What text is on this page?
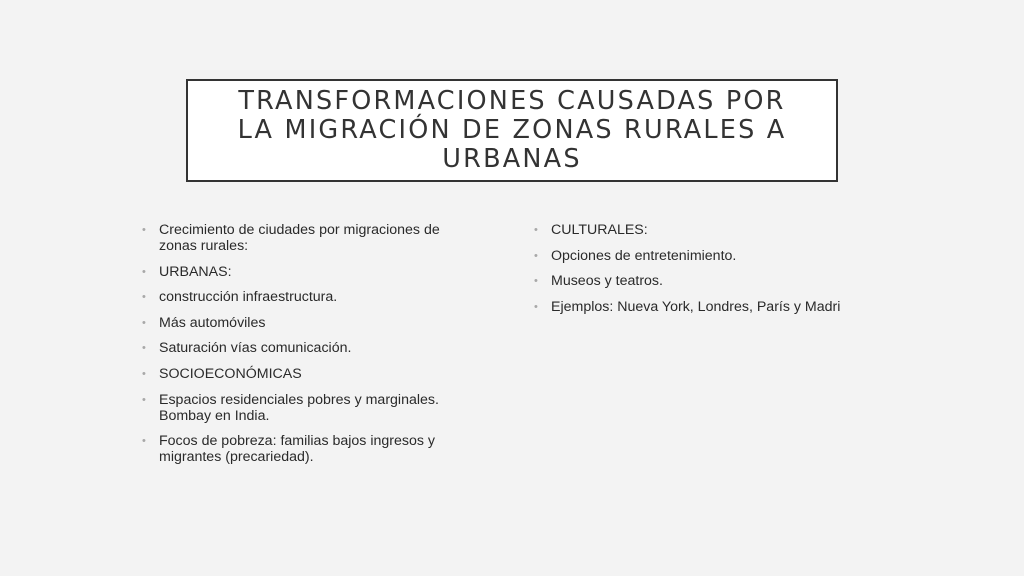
TRANSFORMACIONES CAUSADAS POR LA MIGRACIÓN DE ZONAS RURALES A URBANAS
• Crecimiento de ciudades por migraciones de zonas rurales:
• URBANAS:
• construcción infraestructura.
• Más automóviles
• Saturación vías comunicación.
• SOCIOECONÓMICAS
• Espacios residenciales pobres y marginales. Bombay en India.
• Focos de pobreza: familias bajos ingresos y migrantes (precariedad).
• CULTURALES:
• Opciones de entretenimiento.
• Museos y teatros.
• Ejemplos: Nueva York, Londres, París y Madri
